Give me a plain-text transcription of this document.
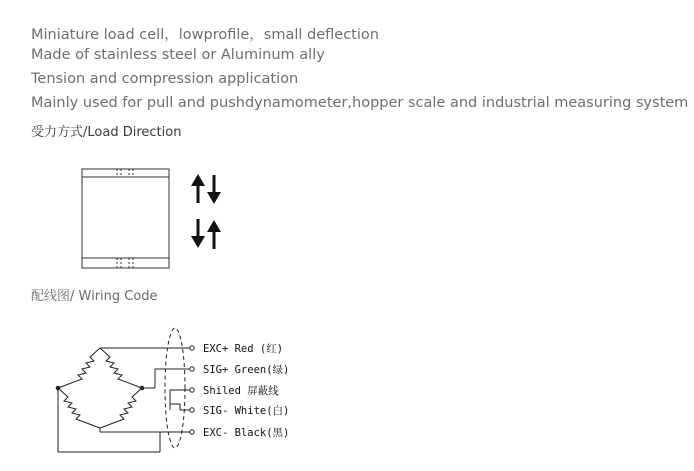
Miniature load cell，lowprofile，small deflection
Made of stainless steel or Aluminum ally
Tension and compression application
Mainly used for pull and pushdynamometer,hopper scale and industrial measuring system
受力方式/Load Direction
配线图/ Wiring Code
EXC+ Red (红)
SIG+ Green(绿)
Shiled 屏蔽线
SIG- White(白)
EXC- Black(黑)
